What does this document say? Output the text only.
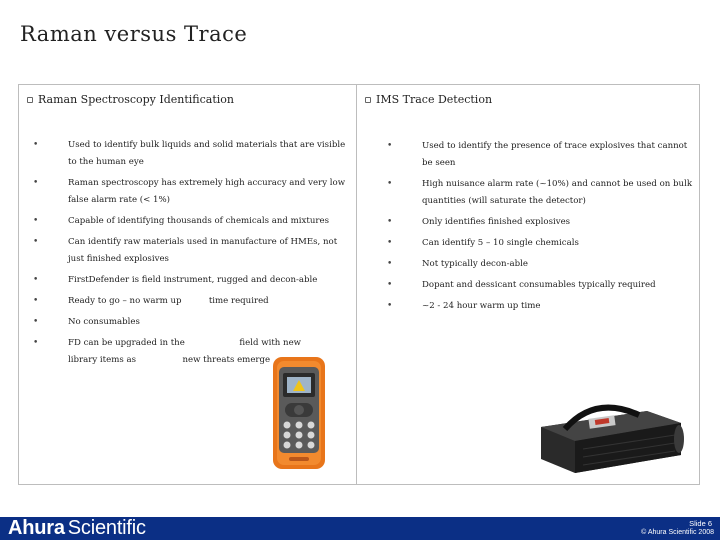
Raman versus Trace
Raman Spectroscopy Identification
•	Used to identify bulk liquids and solid materials that are visible to the human eye
•	Raman spectroscopy has extremely high accuracy and very low false alarm rate (< 1%)
•	Capable of identifying thousands of chemicals and mixtures
•	Can identify raw materials used in manufacture of HMEs, not just finished explosives
•	FirstDefender is field instrument, rugged and decon-able
•	Ready to go – no warm up          time required
•	No consumables
•	FD can be upgraded in the                    field with new library items as                 new threats emerge
IMS Trace Detection
•	Used to identify the presence of trace explosives that cannot be seen
•	High nuisance alarm rate (~10%) and cannot be used on bulk quantities (will saturate the detector)
•	Only identifies finished explosives
•	Can identify 5 – 10 single chemicals
•	Not typically decon-able
•	Dopant and dessicant consumables typically required
•	~2 - 24 hour warm up time
Ahura Scientific	Slide 6
© Ahura Scientific 2008
